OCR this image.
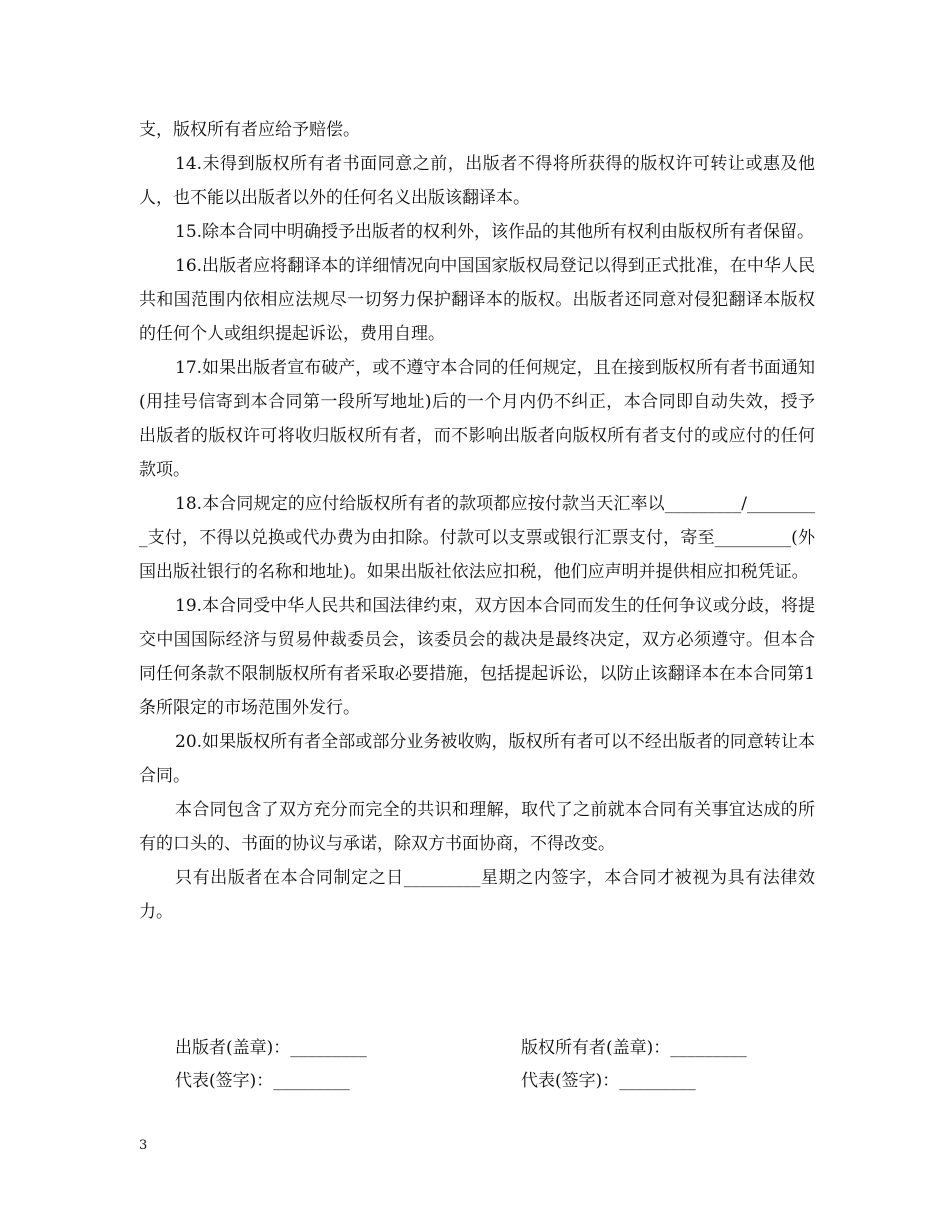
支，版权所有者应给予赔偿。

14.未得到版权所有者书面同意之前，出版者不得将所获得的版权许可转让或惠及他人，也不能以出版者以外的任何名义出版该翻译本。

15.除本合同中明确授予出版者的权利外，该作品的其他所有权利由版权所有者保留。

16.出版者应将翻译本的详细情况向中国国家版权局登记以得到正式批准，在中华人民共和国范围内依相应法规尽一切努力保护翻译本的版权。出版者还同意对侵犯翻译本版权的任何个人或组织提起诉讼，费用自理。

17.如果出版者宣布破产，或不遵守本合同的任何规定，且在接到版权所有者书面通知(用挂号信寄到本合同第一段所写地址)后的一个月内仍不纠正，本合同即自动失效，授予出版者的版权许可将收归版权所有者，而不影响出版者向版权所有者支付的或应付的任何款项。

18.本合同规定的应付给版权所有者的款项都应按付款当天汇率以_________/_________支付，不得以兑换或代办费为由扣除。付款可以支票或银行汇票支付，寄至_________(外国出版社银行的名称和地址)。如果出版社依法应扣税，他们应声明并提供相应扣税凭证。

19.本合同受中华人民共和国法律约束，双方因本合同而发生的任何争议或分歧，将提交中国国际经济与贸易仲裁委员会，该委员会的裁决是最终决定，双方必须遵守。但本合同任何条款不限制版权所有者采取必要措施，包括提起诉讼，以防止该翻译本在本合同第1条所限定的市场范围外发行。

20.如果版权所有者全部或部分业务被收购，版权所有者可以不经出版者的同意转让本合同。

本合同包含了双方充分而完全的共识和理解，取代了之前就本合同有关事宜达成的所有的口头的、书面的协议与承诺，除双方书面协商，不得改变。

只有出版者在本合同制定之日_________星期之内签字，本合同才被视为具有法律效力。

出版者(盖章)：_________	版权所有者(盖章)：_________
代表(签字)：_________	代表(签字)：_________
3
